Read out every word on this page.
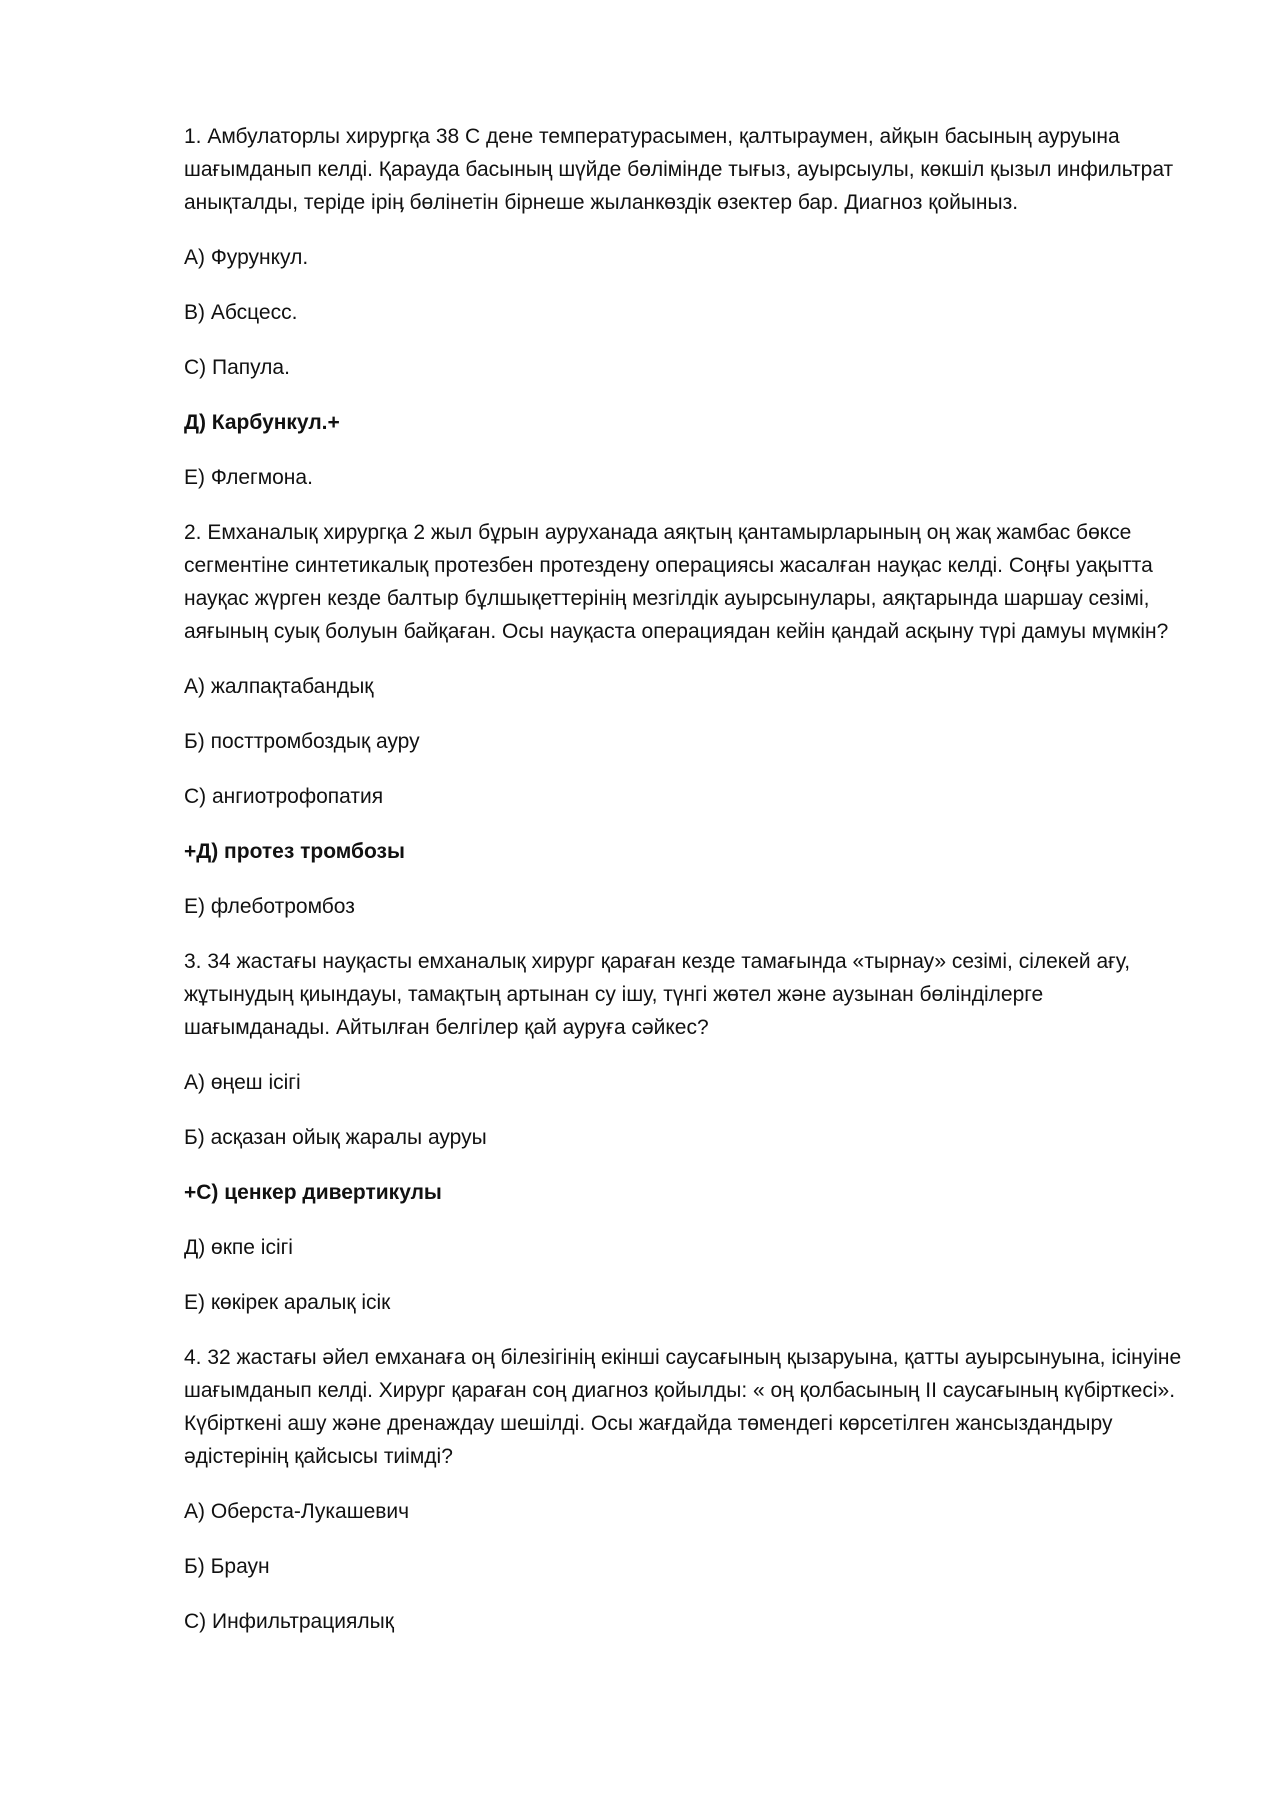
1. Амбулаторлы хирургқа 38 С дене температурасымен, қалтыраумен, айқын басының ауруына шағымданып келді. Қарауда басының шүйде бөлімінде тығыз, ауырсыулы, көкшіл қызыл инфильтрат анықталды, теріде іріӊ бөлінетін бірнеше жыланкөздік өзектер бар. Диагноз қойыныз.

А) Фурункул.

В) Абсцесс.

С) Папула.

Д) Карбункул.+

Е) Флегмона.

2. Емханалық хирургқа 2 жыл бұрын ауруханада аяқтың қантамырларының оң жақ жамбас бөксе сегментіне синтетикалық протезбен протездену операциясы жасалған науқас келді. Соңғы уақытта науқас жүрген кезде балтыр бұлшықеттерінің мезгілдік ауырсынулары, аяқтарында шаршау сезімі, аяғының суық болуын байқаған. Осы науқаста операциядан кейін қандай асқыну түрі дамуы мүмкін?

А) жалпақтабандық

Б) посттромбоздық ауру

С) ангиотрофопатия

+Д) протез тромбозы

Е) флеботромбоз

3. 34 жастағы науқасты емханалық хирург қараған кезде тамағында «тырнау» сезімі, сілекей ағу, жұтынудың қиындауы, тамақтың артынан су ішу, түнгі жөтел және аузынан бөлінділерге шағымданады. Айтылған белгілер қай ауруға сәйкес?

А) өңеш ісігі

Б) асқазан ойық жаралы ауруы

+С) ценкер дивертикулы

Д) өкпе ісігі

Е) көкірек аралық ісік

4. 32 жастағы әйел емханаға оң білезігінің екінші саусағының қызаруына, қатты ауырсынуына, ісінуіне шағымданып келді. Хирург қараған соң диагноз қойылды: « оң қолбасының ІІ саусағының күбірткесі». Күбірткені ашу және дренаждау шешілді. Осы жағдайда төмендегі көрсетілген жансыздандыру әдістерінің қайсысы тиімді?

А) Оберста-Лукашевич

Б) Браун

С) Инфильтрациялық
